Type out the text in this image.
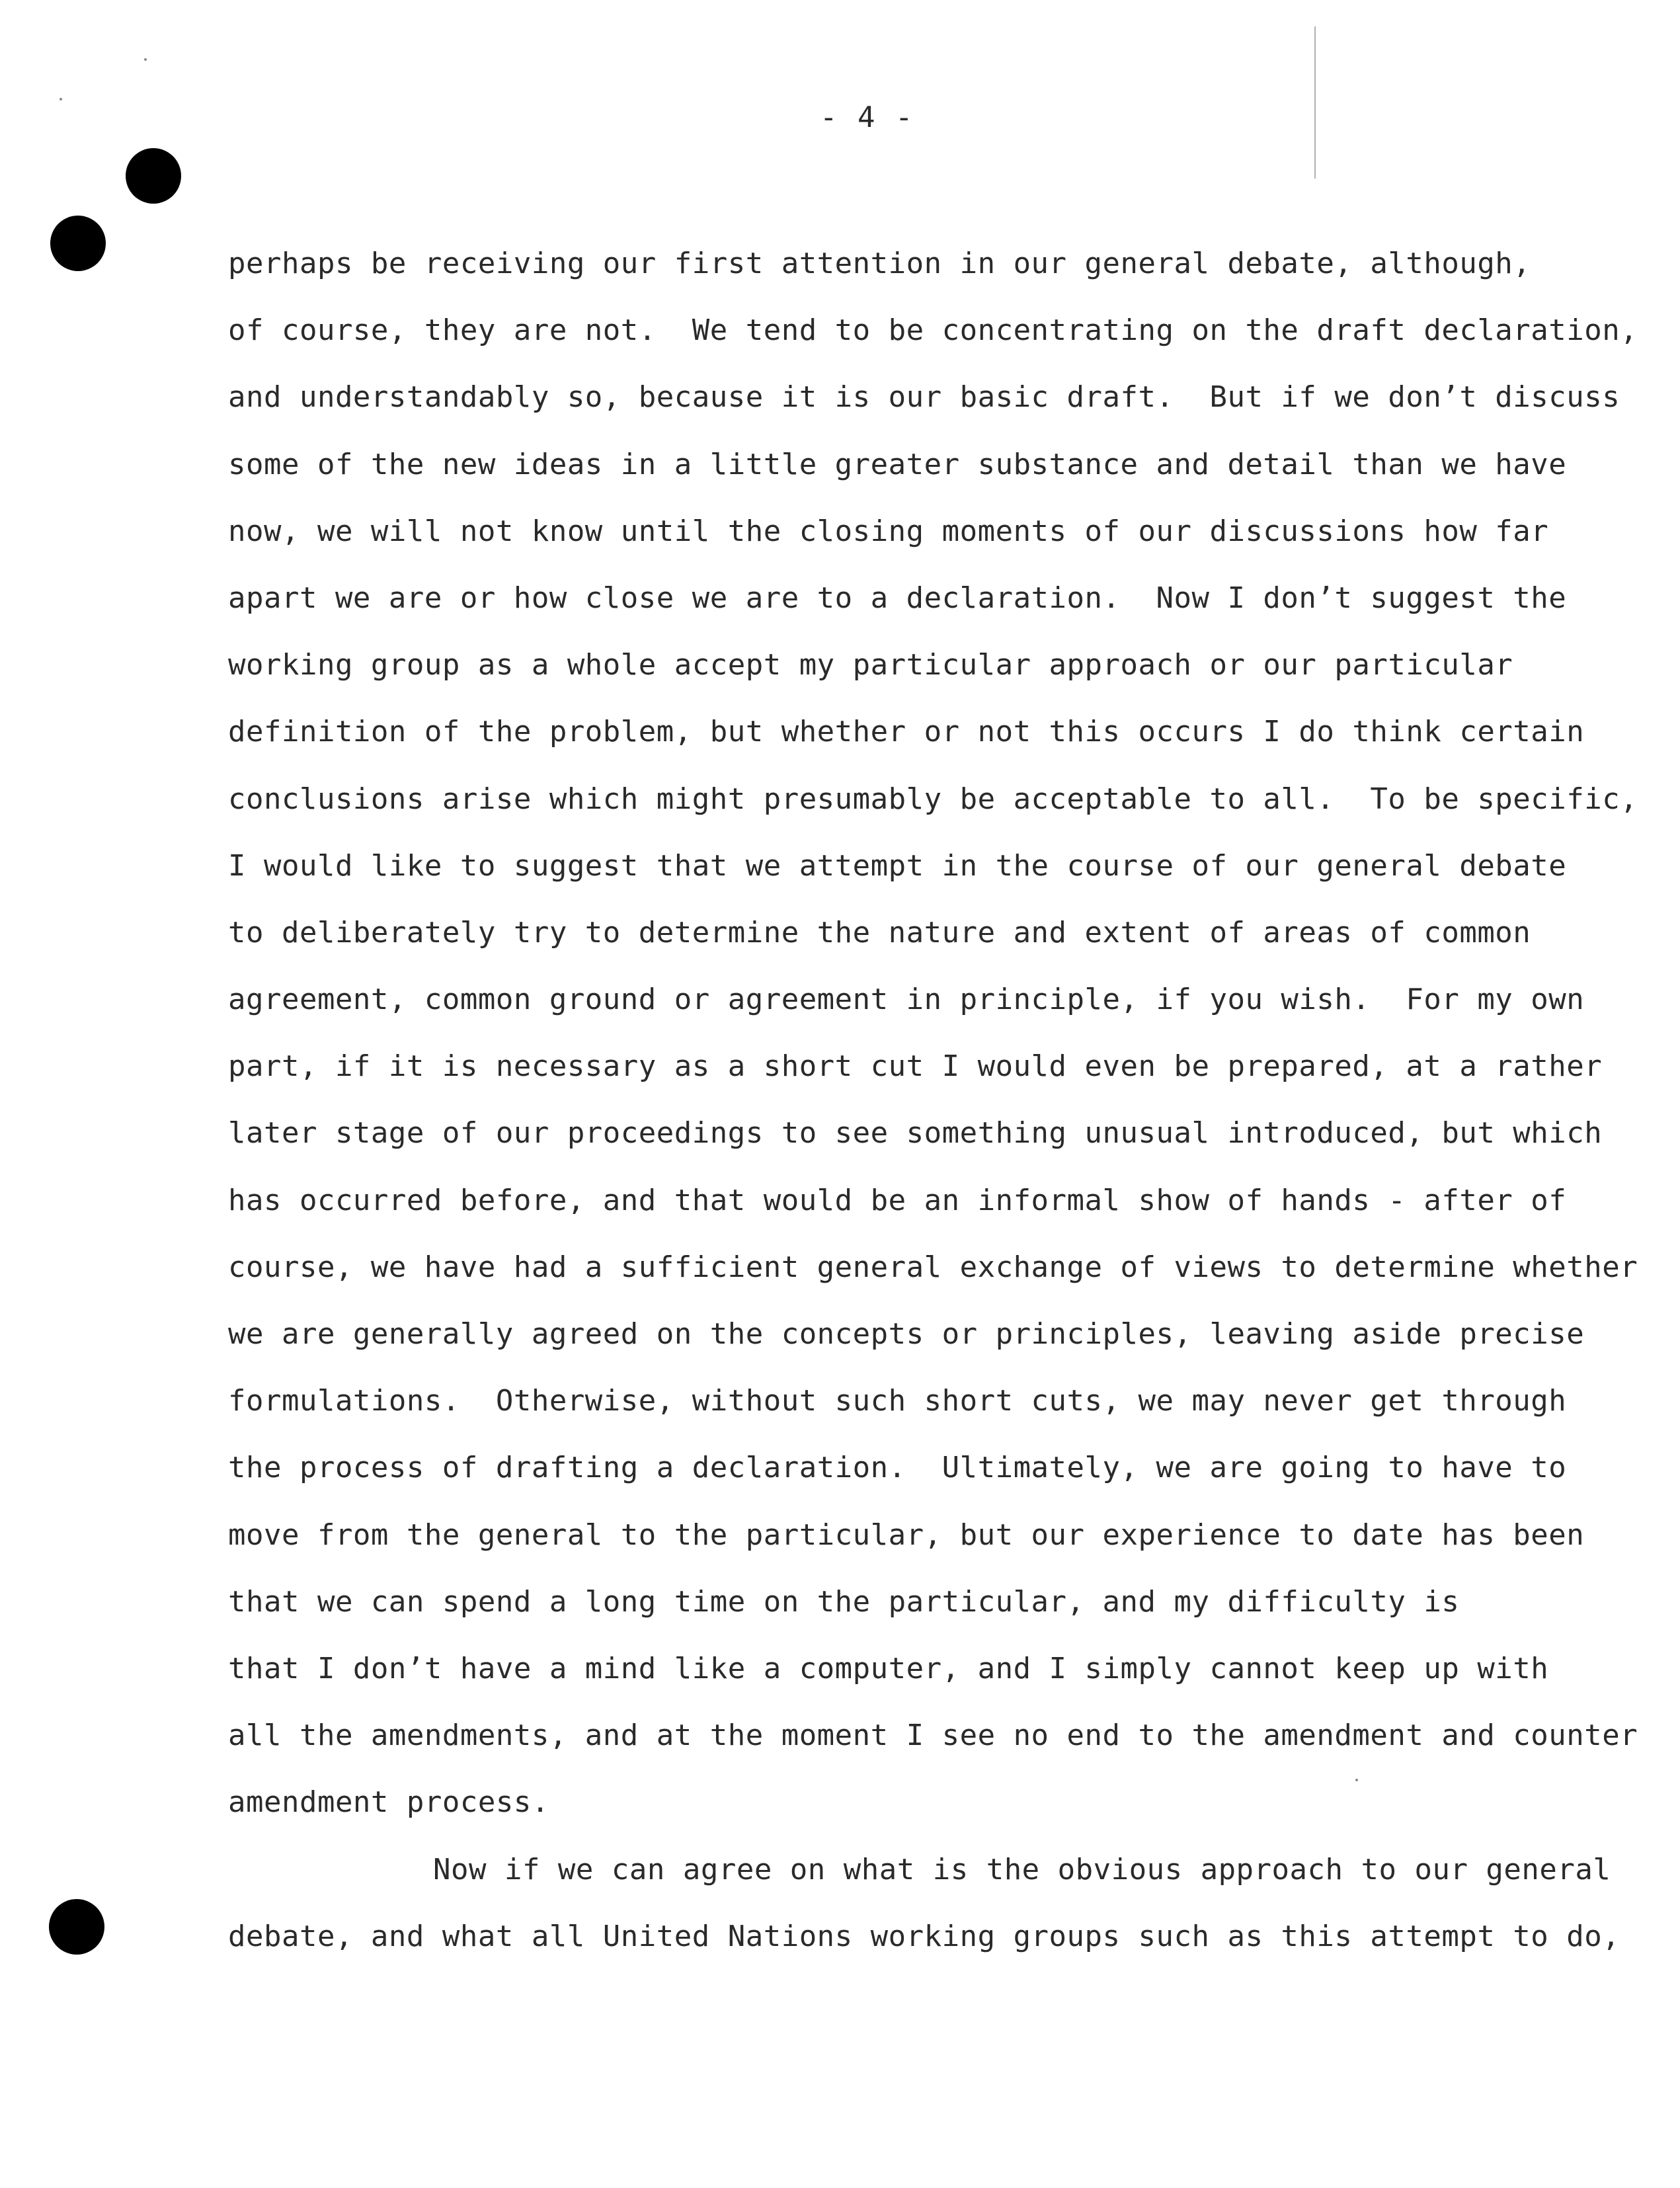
- 4 -
perhaps be receiving our first attention in our general debate, although,
of course, they are not.  We tend to be concentrating on the draft declaration,
and understandably so, because it is our basic draft.  But if we don’t discuss
some of the new ideas in a little greater substance and detail than we have
now, we will not know until the closing moments of our discussions how far
apart we are or how close we are to a declaration.  Now I don’t suggest the
working group as a whole accept my particular approach or our particular
definition of the problem, but whether or not this occurs I do think certain
conclusions arise which might presumably be acceptable to all.  To be specific,
I would like to suggest that we attempt in the course of our general debate
to deliberately try to determine the nature and extent of areas of common
agreement, common ground or agreement in principle, if you wish.  For my own
part, if it is necessary as a short cut I would even be prepared, at a rather
later stage of our proceedings to see something unusual introduced, but which
has occurred before, and that would be an informal show of hands - after of
course, we have had a sufficient general exchange of views to determine whether
we are generally agreed on the concepts or principles, leaving aside precise
formulations.  Otherwise, without such short cuts, we may never get through
the process of drafting a declaration.  Ultimately, we are going to have to
move from the general to the particular, but our experience to date has been
that we can spend a long time on the particular, and my difficulty is
that I don’t have a mind like a computer, and I simply cannot keep up with
all the amendments, and at the moment I see no end to the amendment and counter
amendment process.
Now if we can agree on what is the obvious approach to our general
debate, and what all United Nations working groups such as this attempt to do,
